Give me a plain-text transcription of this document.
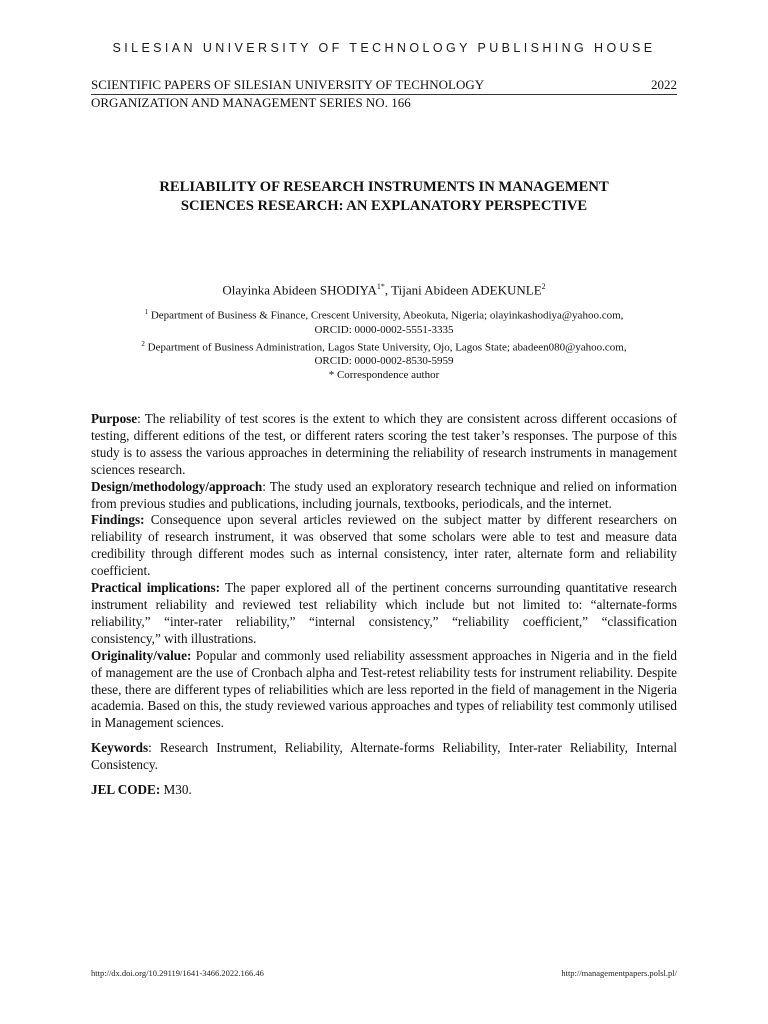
SILESIAN UNIVERSITY OF TECHNOLOGY PUBLISHING HOUSE
SCIENTIFIC PAPERS OF SILESIAN UNIVERSITY OF TECHNOLOGY	2022
ORGANIZATION AND MANAGEMENT SERIES NO. 166
RELIABILITY OF RESEARCH INSTRUMENTS IN MANAGEMENT
SCIENCES RESEARCH: AN EXPLANATORY PERSPECTIVE
Olayinka Abideen $SHODIYA^{1*}$, Tijani Abideen ADEKUNLE$^2$
$^1$ Department of Business & Finance, Crescent University, Abeokuta, Nigeria; olayinkashodiya@yahoo.com,
ORCID: 0000-0002-5551-3335
$^2$ Department of Business Administration, Lagos State University, Ojo, Lagos State; abadeen080@yahoo.com,
ORCID: 0000-0002-8530-5959
* Correspondence author

Purpose: The reliability of test scores is the extent to which they are consistent across different occasions of testing, different editions of the test, or different raters scoring the test taker’s responses. The purpose of this study is to assess the various approaches in determining the reliability of research instruments in management sciences research.

Design/methodology/approach: The study used an exploratory research technique and relied on information from previous studies and publications, including journals, textbooks, periodicals, and the internet.

Findings: Consequence upon several articles reviewed on the subject matter by different researchers on reliability of research instrument, it was observed that some scholars were able to test and measure data credibility through different modes such as internal consistency, inter rater, alternate form and reliability coefficient.

Practical implications: The paper explored all of the pertinent concerns surrounding quantitative research instrument reliability and reviewed test reliability which include but not limited to: “alternate-forms reliability,” “inter-rater reliability,” “internal consistency,” “reliability coefficient,” “classification consistency,” with illustrations.

Originality/value: Popular and commonly used reliability assessment approaches in Nigeria and in the field of management are the use of Cronbach alpha and Test-retest reliability tests for instrument reliability. Despite these, there are different types of reliabilities which are less reported in the field of management in the Nigeria academia. Based on this, the study reviewed various approaches and types of reliability test commonly utilised in Management sciences.

Keywords: Research Instrument, Reliability, Alternate-forms Reliability, Inter-rater Reliability, Internal Consistency.

JEL CODE: M30.

http://dx.doi.org/10.29119/1641-3466.2022.166.46	http://managementpapers.polsl.pl/
